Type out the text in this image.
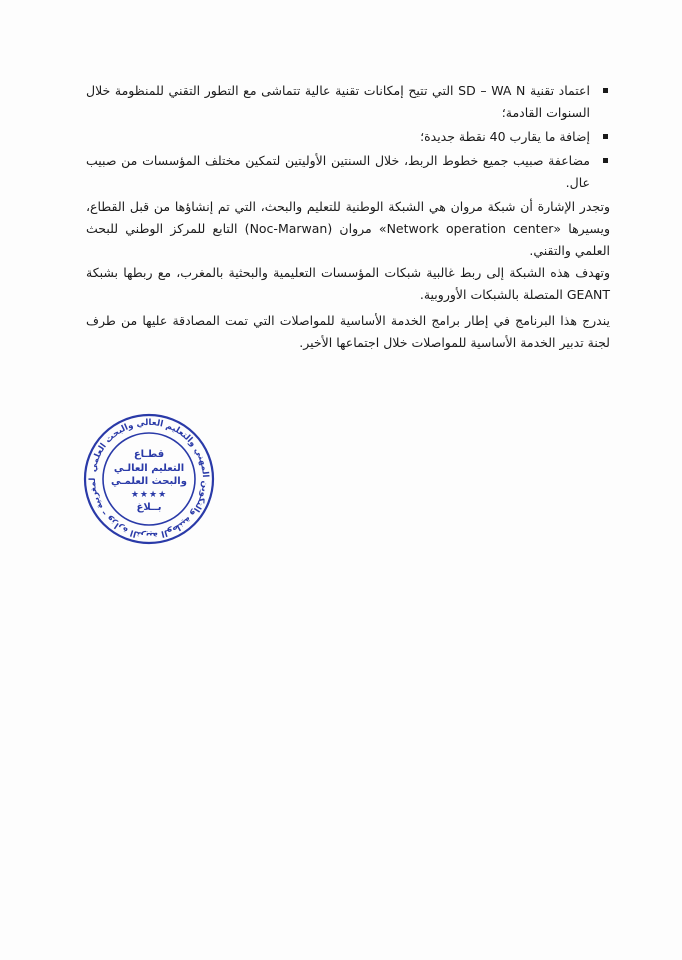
اعتماد تقنية SD – WA N التي تتيح إمكانات تقنية عالية تتماشى مع التطور التقني للمنظومة خلال السنوات القادمة؛
إضافة ما يقارب 40 نقطة جديدة؛
مضاعفة صبيب جميع خطوط الربط، خلال السنتين الأوليتين لتمكين مختلف المؤسسات من صبيب عال.

وتجدر الإشارة أن شبكة مروان هي الشبكة الوطنية للتعليم والبحث، التي تم إنشاؤها من قبل القطاع، ويسيرها «Network operation center» مروان (Noc-Marwan) التابع للمركز الوطني للبحث العلمي والتقني.

وتهدف هذه الشبكة إلى ربط غالبية شبكات المؤسسات التعليمية والبحثية بالمغرب، مع ربطها بشبكة GEANT المتصلة بالشبكات الأوروبية.

يندرج هذا البرنامج في إطار برامج الخدمة الأساسية للمواصلات التي تمت المصادقة عليها من طرف لجنة تدبير الخدمة الأساسية للمواصلات خلال اجتماعها الأخير.

لمغربية – وزارة التربية الوطنية والتكوين المهني والتعليم العالي والبحث العلمي
قطـاع
التعليم العالـي
والبحث العلمـي
★★★★
بــلاغ
